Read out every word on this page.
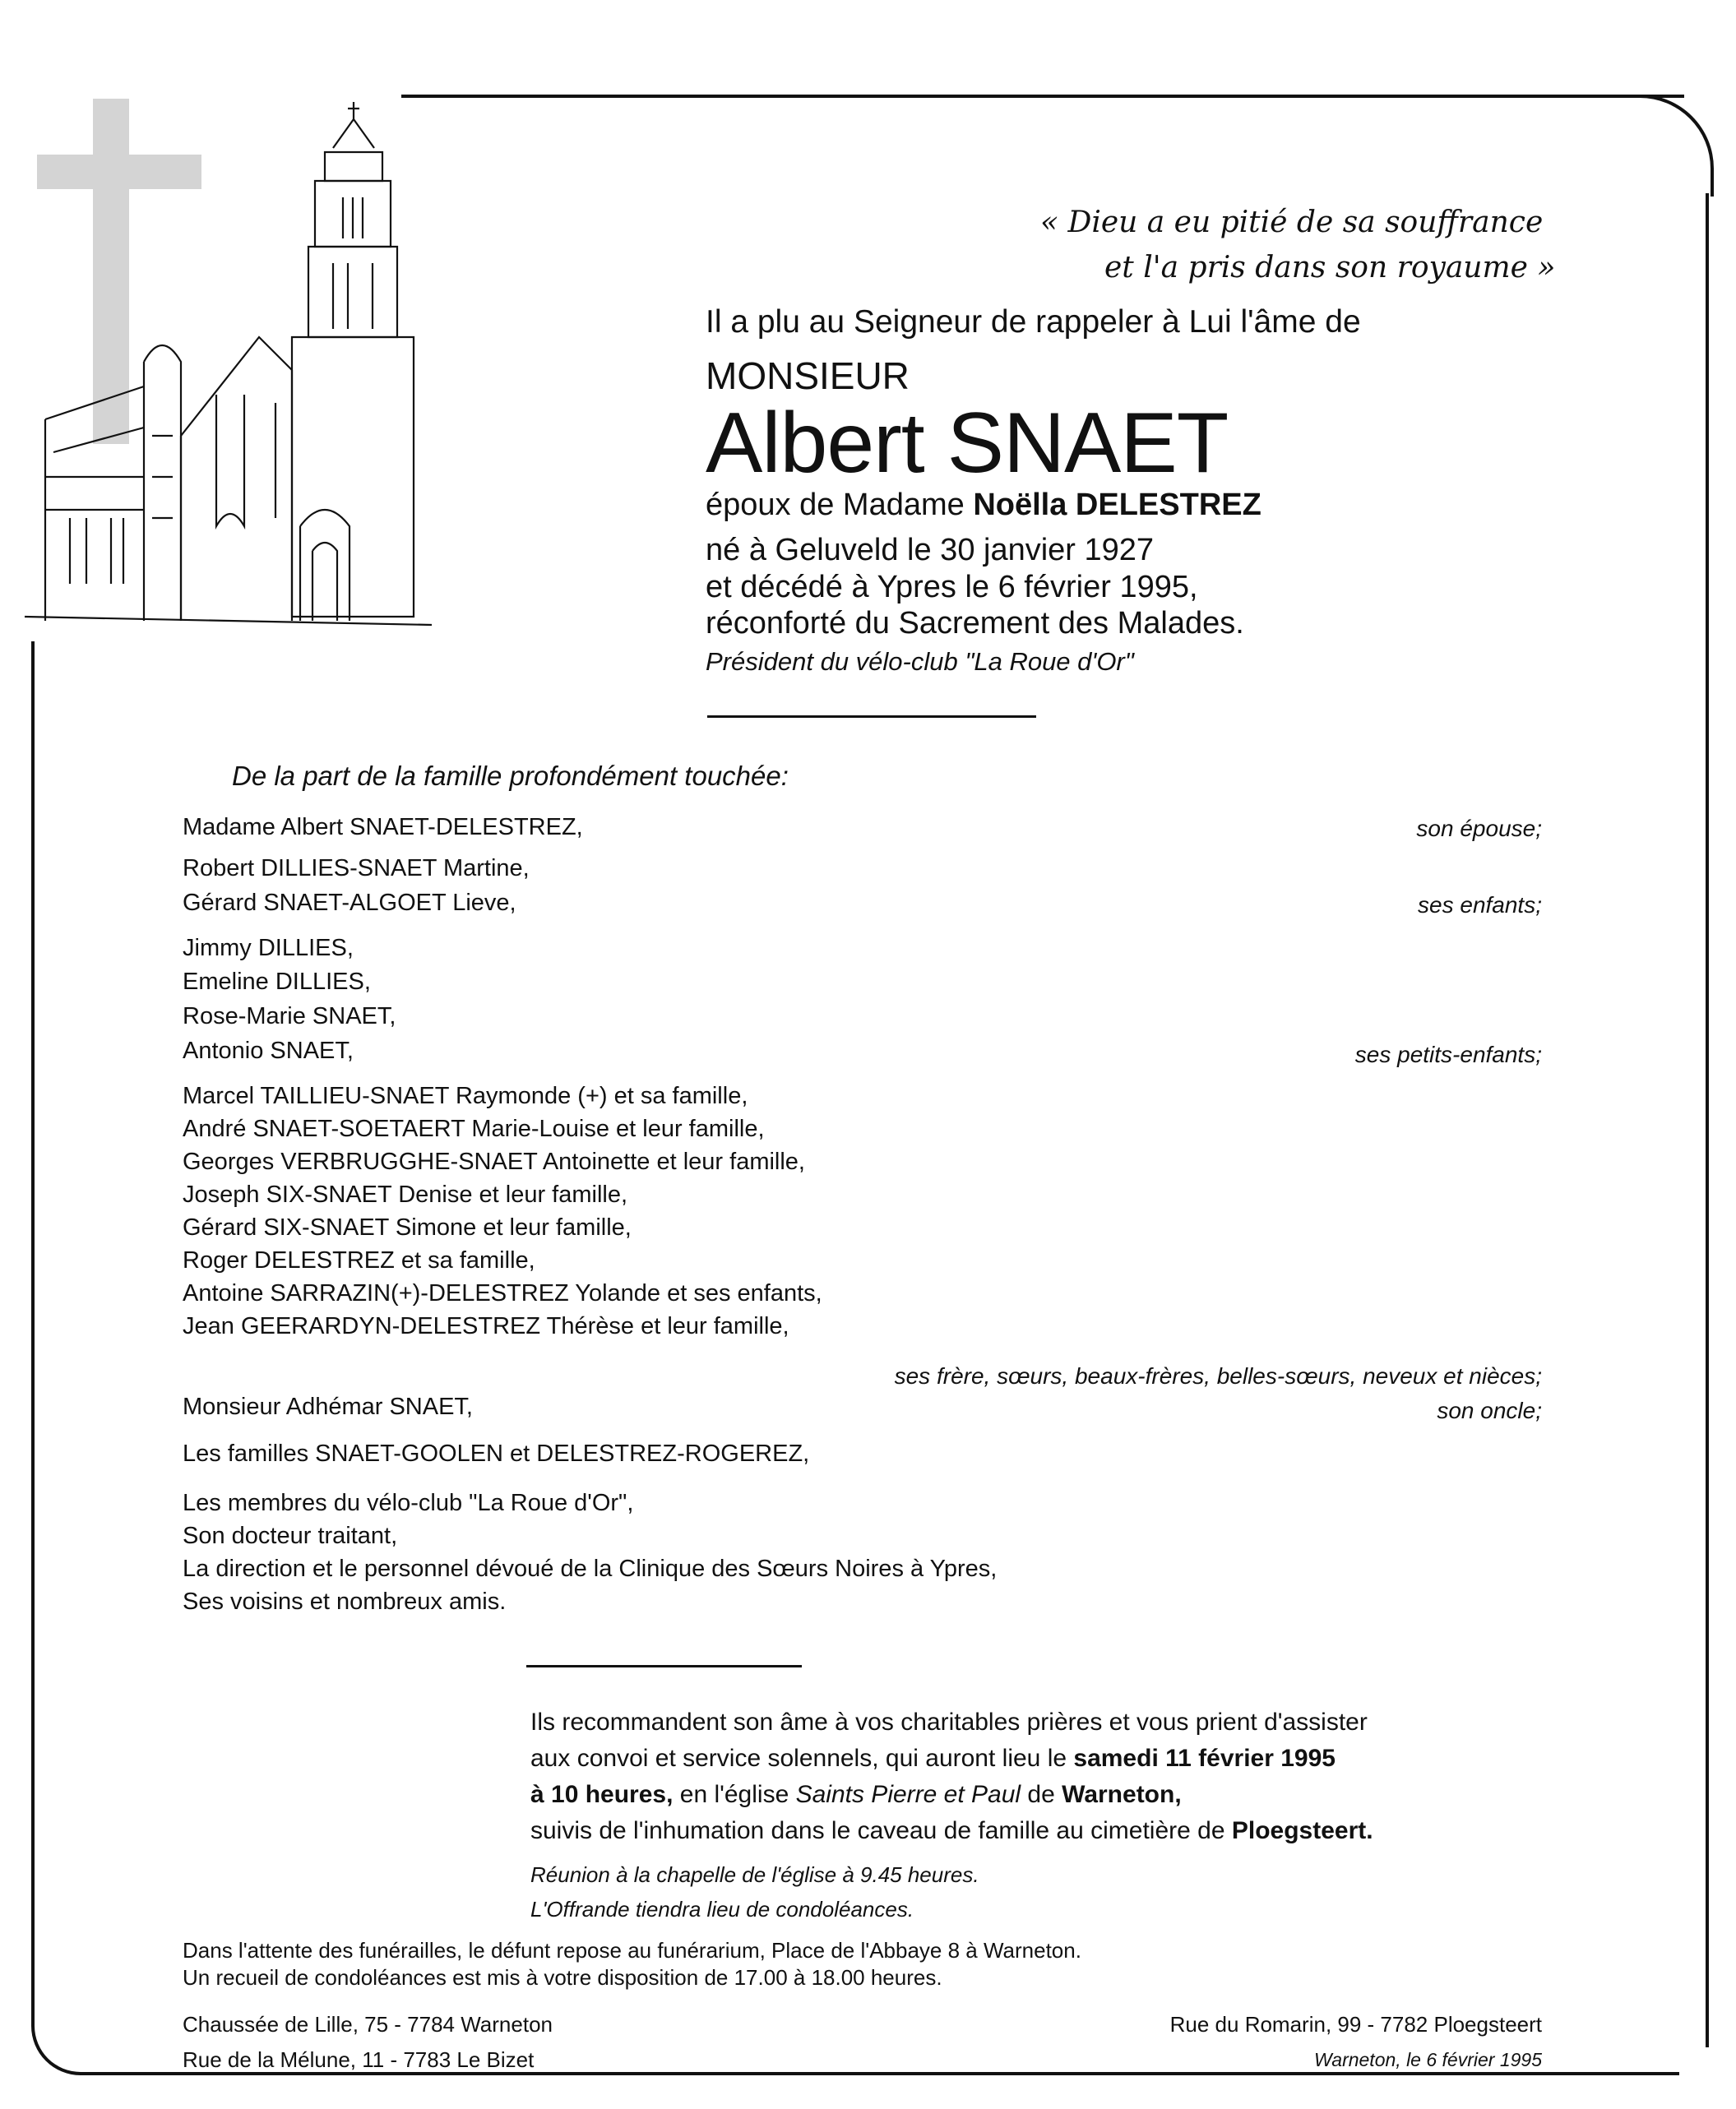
« Dieu a eu pitié de sa souffrance
et l'a pris dans son royaume »
Il a plu au Seigneur de rappeler à Lui l'âme de
MONSIEUR
Albert SNAET
époux de Madame Noëlla DELESTREZ
né à Geluveld le 30 janvier 1927
et décédé à Ypres le 6 février 1995,
réconforté du Sacrement des Malades.
Président du vélo-club "La Roue d'Or"
De la part de la famille profondément touchée:
Madame Albert SNAET-DELESTREZ,	son épouse;
Robert DILLIES-SNAET Martine,
Gérard SNAET-ALGOET Lieve,	ses enfants;
Jimmy DILLIES,
Emeline DILLIES,
Rose-Marie SNAET,
Antonio SNAET,	ses petits-enfants;
Marcel TAILLIEU-SNAET Raymonde (+) et sa famille,
André SNAET-SOETAERT Marie-Louise et leur famille,
Georges VERBRUGGHE-SNAET Antoinette et leur famille,
Joseph SIX-SNAET Denise et leur famille,
Gérard SIX-SNAET Simone et leur famille,
Roger DELESTREZ et sa famille,
Antoine SARRAZIN(+)-DELESTREZ Yolande et ses enfants,
Jean GEERARDYN-DELESTREZ Thérèse et leur famille,
ses frère, sœurs, beaux-frères, belles-sœurs, neveux et nièces;
Monsieur Adhémar SNAET,	son oncle;
Les familles SNAET-GOOLEN et DELESTREZ-ROGEREZ,
Les membres du vélo-club "La Roue d'Or",
Son docteur traitant,
La direction et le personnel dévoué de la Clinique des Sœurs Noires à Ypres,
Ses voisins et nombreux amis.
Ils recommandent son âme à vos charitables prières et vous prient d'assister
aux convoi et service solennels, qui auront lieu le samedi 11 février 1995
à 10 heures, en l'église Saints Pierre et Paul de Warneton,
suivis de l'inhumation dans le caveau de famille au cimetière de Ploegsteert.
Réunion à la chapelle de l'église à 9.45 heures.
L'Offrande tiendra lieu de condoléances.
Dans l'attente des funérailles, le défunt repose au funérarium, Place de l'Abbaye 8 à Warneton.
Un recueil de condoléances est mis à votre disposition de 17.00 à 18.00 heures.
Chaussée de Lille, 75 - 7784 Warneton
Rue de la Mélune, 11 - 7783 Le Bizet
Rue du Romarin, 99 - 7782 Ploegsteert
Warneton, le 6 février 1995
